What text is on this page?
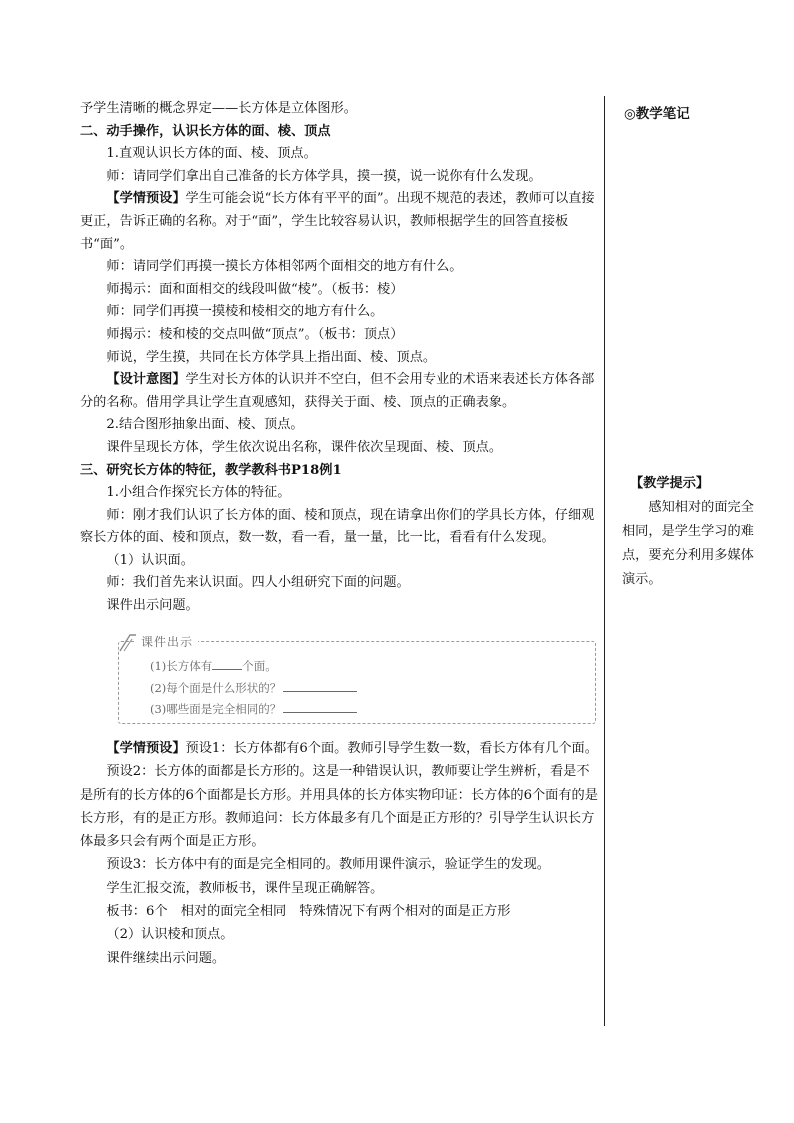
予学生清晰的概念界定——长方体是立体图形。

二、动手操作，认识长方体的面、棱、顶点

1.直观认识长方体的面、棱、顶点。

师：请同学们拿出自己准备的长方体学具，摸一摸，说一说你有什么发现。

【学情预设】学生可能会说“长方体有平平的面”。出现不规范的表述，教师可以直接更正，告诉正确的名称。对于“面”，学生比较容易认识，教师根据学生的回答直接板书“面”。

师：请同学们再摸一摸长方体相邻两个面相交的地方有什么。

师揭示：面和面相交的线段叫做“棱”。（板书：棱）

师：同学们再摸一摸棱和棱相交的地方有什么。

师揭示：棱和棱的交点叫做“顶点”。（板书：顶点）

师说，学生摸，共同在长方体学具上指出面、棱、顶点。

【设计意图】学生对长方体的认识并不空白，但不会用专业的术语来表述长方体各部分的名称。借用学具让学生直观感知，获得关于面、棱、顶点的正确表象。

2.结合图形抽象出面、棱、顶点。

课件呈现长方体，学生依次说出名称，课件依次呈现面、棱、顶点。

三、研究长方体的特征，教学教科书P18例1

1.小组合作探究长方体的特征。

师：刚才我们认识了长方体的面、棱和顶点，现在请拿出你们的学具长方体，仔细观察长方体的面、棱和顶点，数一数，看一看，量一量，比一比，看看有什么发现。

（1）认识面。

师：我们首先来认识面。四人小组研究下面的问题。

课件出示问题。

课件出示

(1)长方体有	个面。

(2)每个面是什么形状的？

(3)哪些面是完全相同的？

【学情预设】预设1：长方体都有6个面。教师引导学生数一数，看长方体有几个面。

预设2：长方体的面都是长方形的。这是一种错误认识，教师要让学生辨析，看是不是所有的长方体的6个面都是长方形。并用具体的长方体实物印证：长方体的6个面有的是长方形，有的是正方形。教师追问：长方体最多有几个面是正方形的？引导学生认识长方体最多只会有两个面是正方形。

预设3：长方体中有的面是完全相同的。教师用课件演示，验证学生的发现。

学生汇报交流，教师板书，课件呈现正确解答。

板书：6个　相对的面完全相同　特殊情况下有两个相对的面是正方形

（2）认识棱和顶点。

课件继续出示问题。

◎教学笔记
【教学提示】

感知相对的面完全相同，是学生学习的难点，要充分利用多媒体演示。
